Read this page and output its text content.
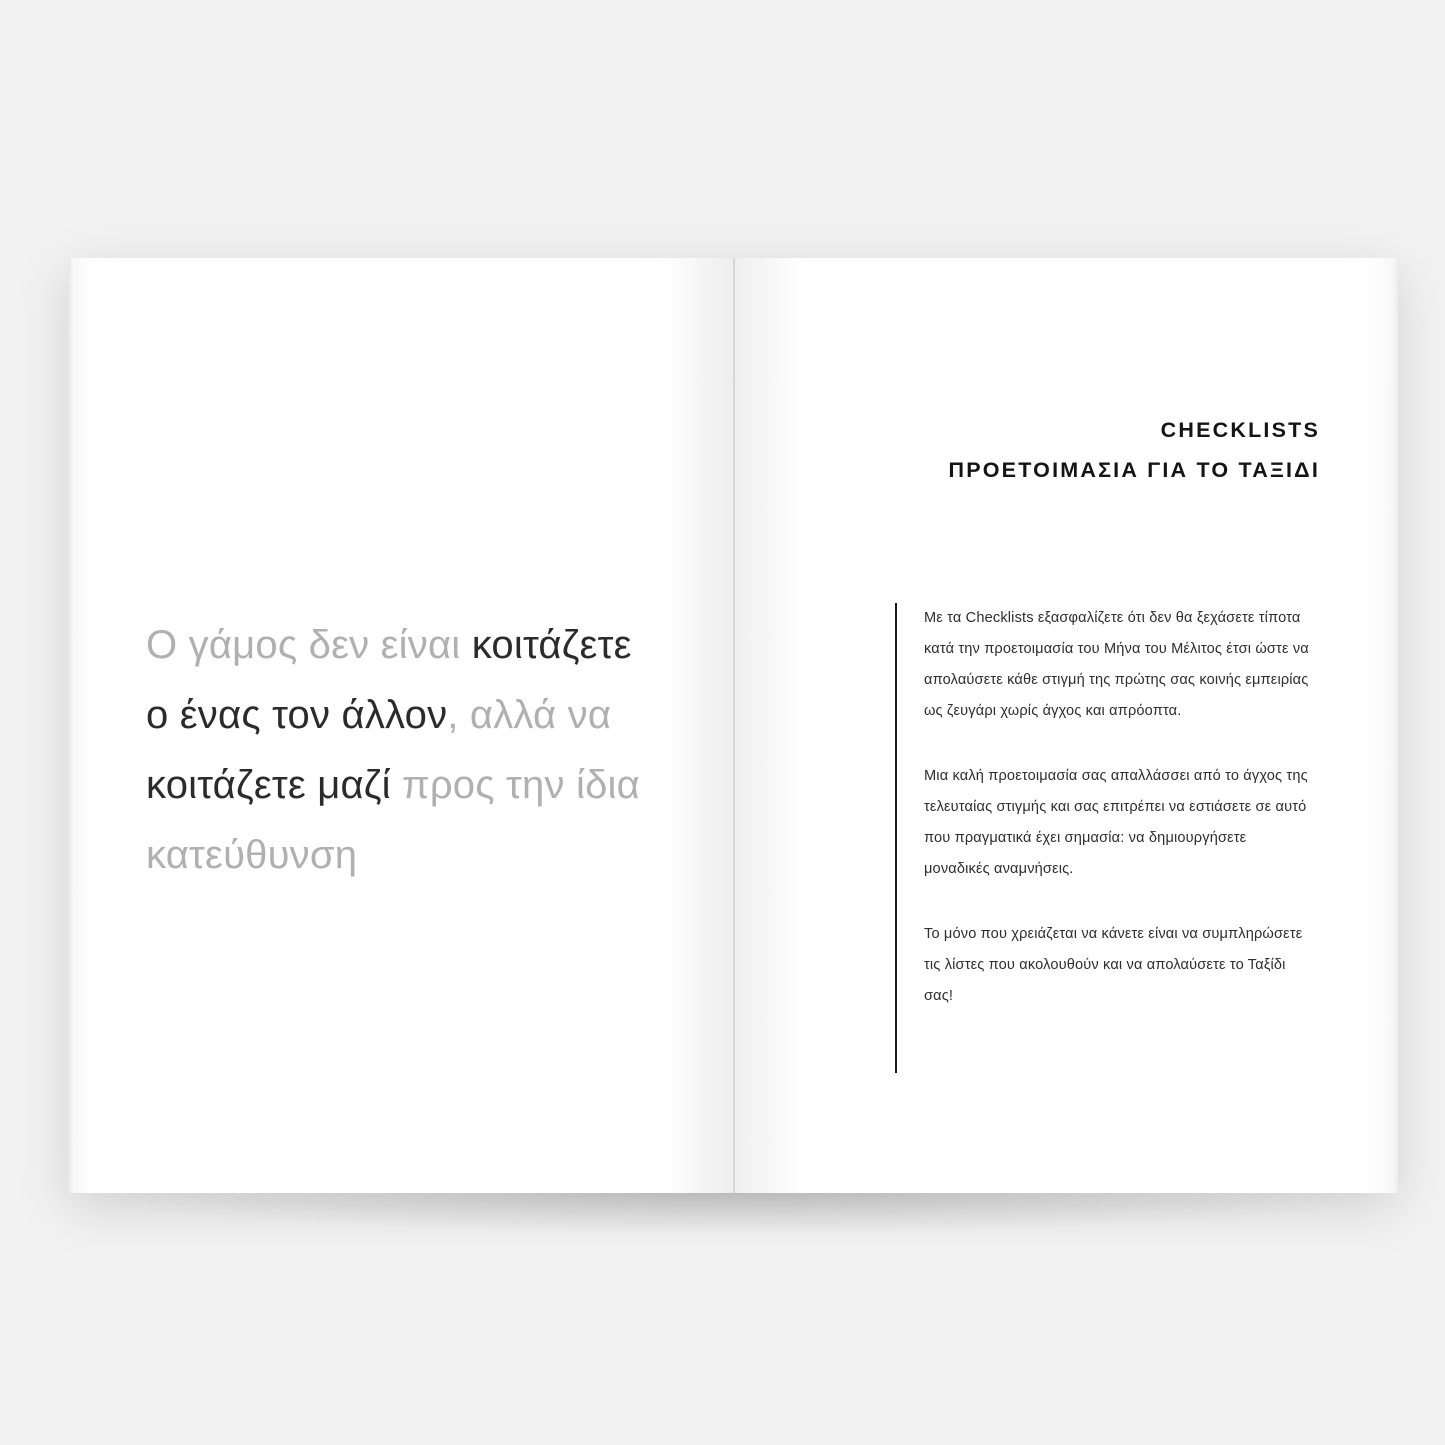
Ο γάμος δεν είναι κοιτάζετε ο ένας τον άλλον, αλλά να κοιτάζετε μαζί προς την ίδια κατεύθυνση
CHECKLISTS
ΠΡΟΕΤΟΙΜΑΣΙΑ ΓΙΑ ΤΟ ΤΑΞΙΔΙ

Με τα Checklists εξασφαλίζετε ότι δεν θα ξεχάσετε τίποτα κατά την προετοιμασία του Μήνα του Μέλιτος έτσι ώστε να απολαύσετε κάθε στιγμή της πρώτης σας κοινής εμπειρίας ως ζευγάρι χωρίς άγχος και απρόοπτα.

Μια καλή προετοιμασία σας απαλλάσσει από το άγχος της τελευταίας στιγμής και σας επιτρέπει να εστιάσετε σε αυτό που πραγματικά έχει σημασία: να δημιουργήσετε μοναδικές αναμνήσεις.

Το μόνο που χρειάζεται να κάνετε είναι να συμπληρώσετε τις λίστες που ακολουθούν και να απολαύσετε το Ταξίδι σας!
